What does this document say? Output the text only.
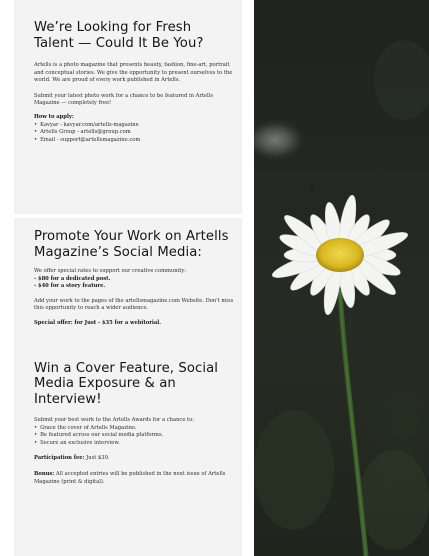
We’re Looking for Fresh Talent — Could It Be You?

Artells is a photo magazine that presents beauty, fashion, fine-art, portrait and conceptual stories. We give the opportunity to present ourselves to the world. We are proud of every work published in Artells.

Submit your latest photo work for a chance to be featured in Artells Magazine — completely free!

How to apply:

• Kavyar - kavyar.com/artells-magazine
• Artells Group - artells@group.com
• Email - support@artellsmagazine.com
Promote Your Work on Artells Magazine’s Social Media:

We offer special rates to support our creative community:

- $80 for a dedicated post.

- $40 for a story feature.

Add your work to the pages of the artellsmagazine.com Website. Don't miss this opportunity to reach a wider audience.

Special offer: for Just - $35 for a webitorial.

Win a Cover Feature, Social Media Exposure & an Interview!

Submit your best work to the Artells Awards for a chance to:

• Grace the cover of Artells Magazine.
• Be featured across our social media platforms.
• Secure an exclusive interview.

Participation fee: Just $30.

Bonus: All accepted entries will be published in the next issue of Artells Magazine (print & digital).
